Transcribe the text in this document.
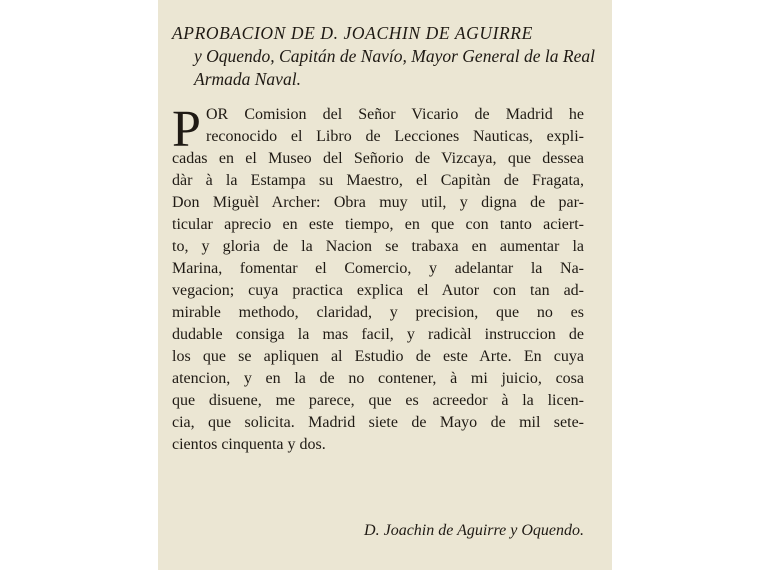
APROBACION DE D. JOACHIN DE AGUIRRE
y Oquendo, Capitán de Navío, Mayor General de la Real
Armada Naval.
P OR Comision del Señor Vicario de Madrid he
reconocido el Libro de Lecciones Nauticas, expli-
cadas en el Museo del Señorio de Vizcaya, que dessea
dàr à la Estampa su Maestro, el Capitàn de Fragata,
Don Miguèl Archer: Obra muy util, y digna de par-
ticular aprecio en este tiempo, en que con tanto aciert-
to, y gloria de la Nacion se trabaxa en aumentar la
Marina, fomentar el Comercio, y adelantar la Na-
vegacion; cuya practica explica el Autor con tan ad-
mirable methodo, claridad, y precision, que no es
dudable consiga la mas facil, y radicàl instruccion de
los que se apliquen al Estudio de este Arte. En cuya
atencion, y en la de no contener, à mi juicio, cosa
que disuene, me parece, que es acreedor à la licen-
cia, que solicita. Madrid siete de Mayo de mil sete-
cientos cinquenta y dos.

D. Joachin de Aguirre y Oquendo.
